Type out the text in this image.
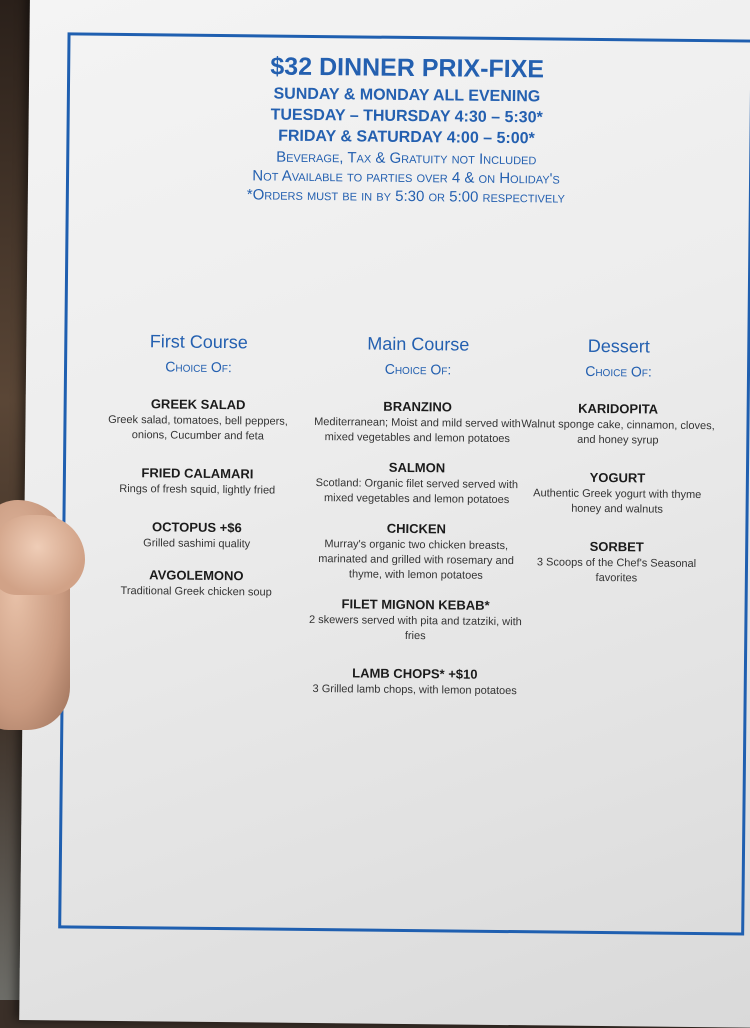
$32 DINNER PRIX-FIXE

SUNDAY & MONDAY ALL EVENING

TUESDAY – THURSDAY 4:30 – 5:30*

FRIDAY & SATURDAY 4:00 – 5:00*

Beverage, Tax & Gratuity not Included

Not Available to parties over 4 & on Holiday's

*Orders must be in by 5:30 or 5:00 respectively

First Course

Choice Of:

GREEK SALAD

Greek salad, tomatoes, bell peppers, onions, Cucumber and feta

FRIED CALAMARI

Rings of fresh squid, lightly fried

OCTOPUS +$6

Grilled sashimi quality

AVGOLEMONO

Traditional Greek chicken soup

Main Course

Choice Of:

BRANZINO

Mediterranean; Moist and mild served with mixed vegetables and lemon potatoes

SALMON

Scotland: Organic filet served served with mixed vegetables and lemon potatoes

CHICKEN

Murray's organic two chicken breasts, marinated and grilled with rosemary and thyme, with lemon potatoes

FILET MIGNON KEBAB*

2 skewers served with pita and tzatziki, with fries

LAMB CHOPS* +$10

3 Grilled lamb chops, with lemon potatoes

Dessert

Choice Of:

KARIDOPITA

Walnut sponge cake, cinnamon, cloves, and honey syrup

YOGURT

Authentic Greek yogurt with thyme honey and walnuts

SORBET

3 Scoops of the Chef's Seasonal favorites
